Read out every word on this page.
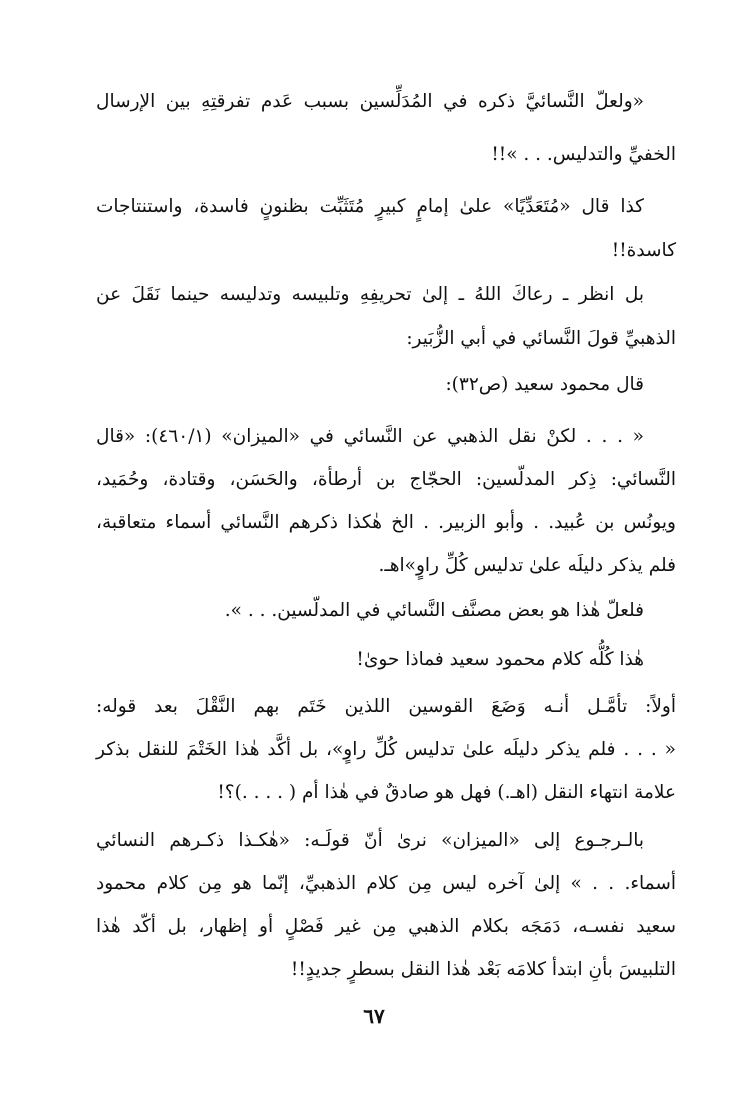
«ولعلّ النَّسائيَّ ذكره في المُدَلِّسين بسبب عَدم تفرقتِهِ بين الإرسال
الخفيِّ والتدليس. . . »!!
كذا قال «مُتَعَدِّيًا» علىٰ إمامٍ كبيرٍ مُتَثَبِّت بظنونٍ فاسدة، واستنتاجات
كاسدة!!
بل انظر ـ رعاكَ اللهُ ـ إلىٰ تحريفِهِ وتلبيسه وتدليسه حينما نَقَلَ عن
الذهبيِّ قولَ النَّسائي في أبي الزُّبَير:
قال محمود سعيد (ص٣٢):
« . . . لكنْ نقل الذهبي عن النَّسائي في «الميزان» (٤٦٠/١): «قال
النَّسائي: ذِكر المدلّسين: الحجّاج بن أرطأة، والحَسَن، وقتادة، وحُمَيد،
ويونُس بن عُبيد. . وأبو الزبير. . الخ هٰكذا ذكرهم النَّسائي أسماء متعاقبة،
فلم يذكر دليلَه علىٰ تدليس كُلِّ راوٍ»اهـ.
فلعلّ هٰذا هو بعض مصنَّف النَّسائي في المدلّسين. . . ».
هٰذا كُلُّه كلام محمود سعيد فماذا حوىٰ!
أولاً: تأمَّـل أنـه وَضَعَ القوسين اللذين خَتَم بهم النَّقْلَ بعد قوله:
« . . . فلم يذكر دليلَه علىٰ تدليس كُلِّ راوٍ»، بل أكَّد هٰذا الخَتْمَ للنقل بذكر
علامة انتهاء النقل (اهـ.) فهل هو صادقٌ في هٰذا أم ( . . . .)؟!
بالـرجـوع إلى «الميزان» نرىٰ أنّ قولَـه: «هٰكـذا ذكـرهم النسائي
أسماء. . . » إلىٰ آخره ليس مِن كلام الذهبيِّ، إنّما هو مِن كلام محمود
سعيد نفسـه، دَمَجَه بكلام الذهبي مِن غير فَصْلٍ أو إظهار، بل أكّد هٰذا
التلبيسَ بأنِ ابتدأ كلامَه بَعْد هٰذا النقل بسطرٍ جديدٍ!!
٦٧
